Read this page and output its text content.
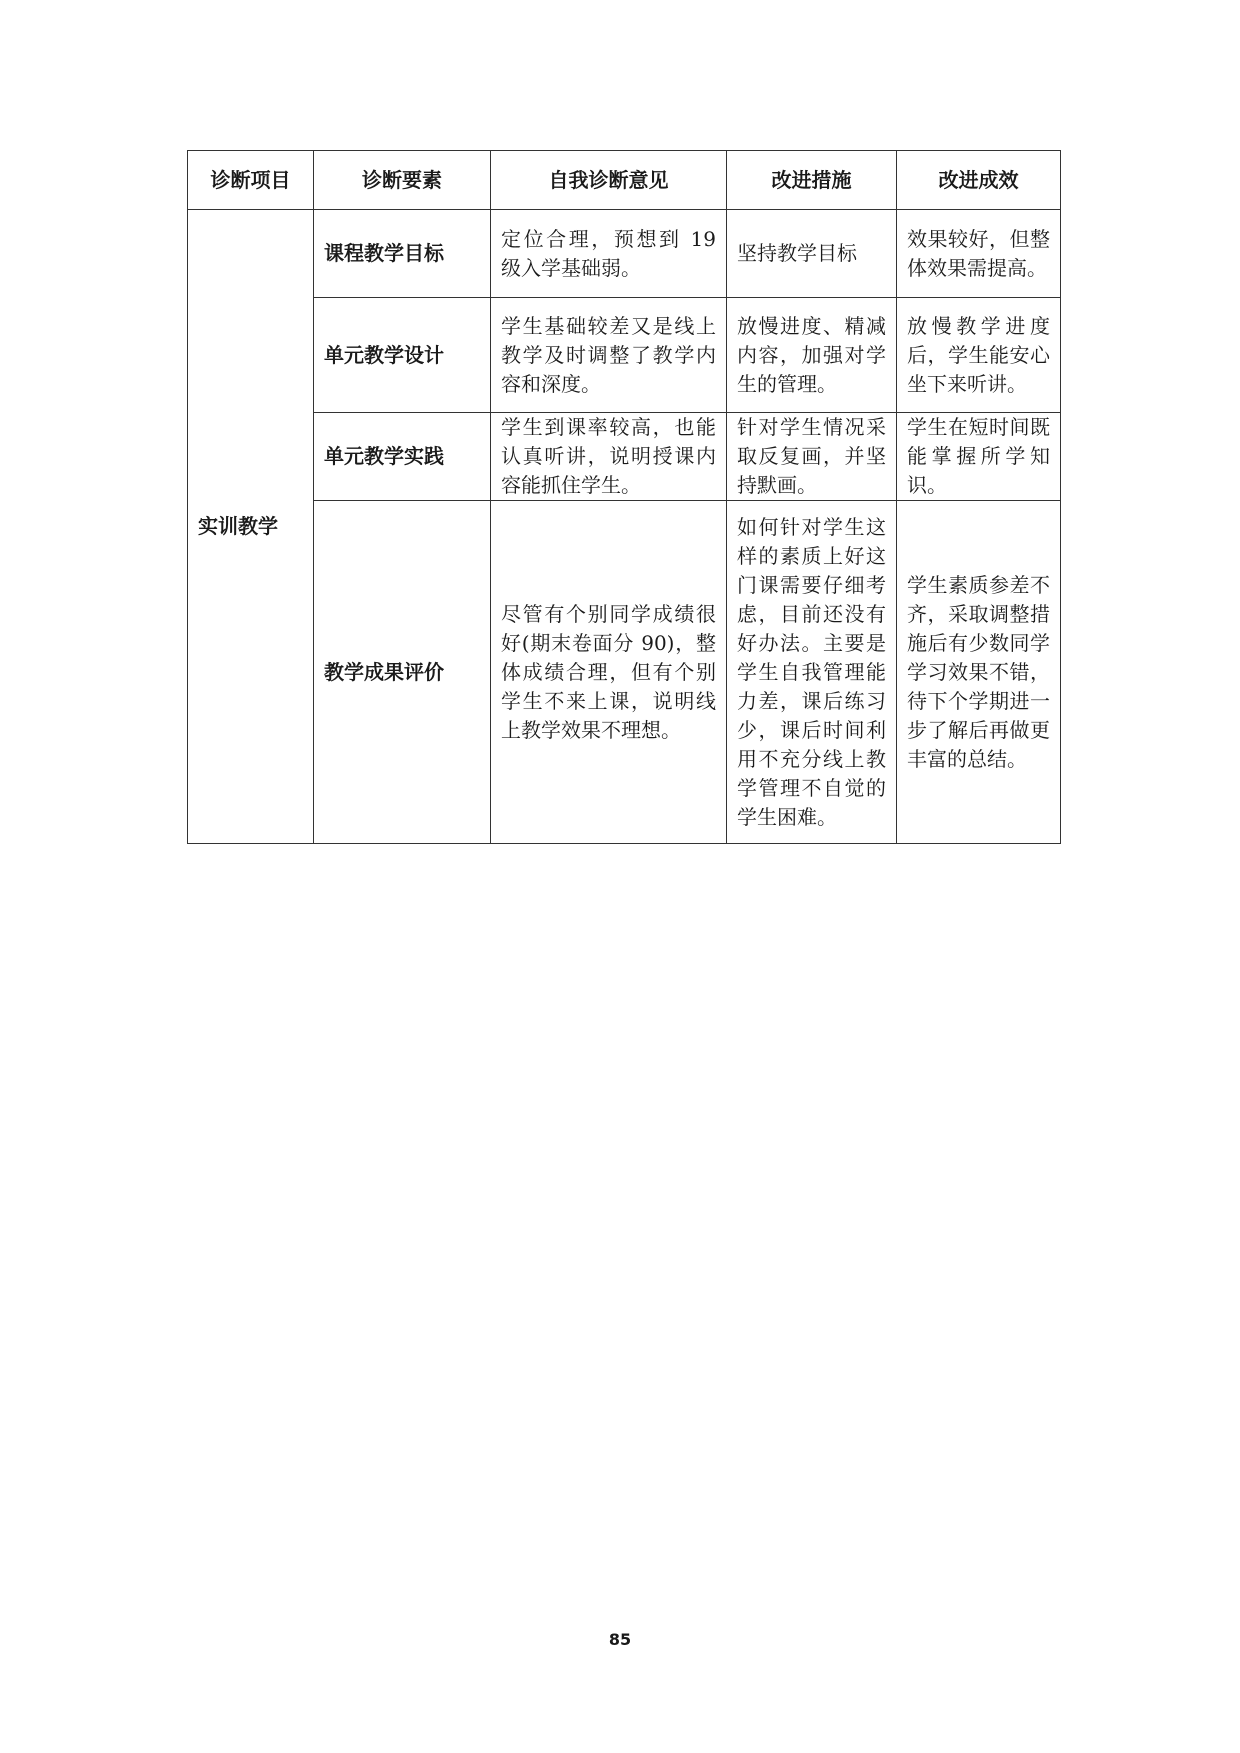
诊断项目	诊断要素	自我诊断意见	改进措施	改进成效
实训教学	课程教学目标	定位合理，预想到 19 级入学基础弱。	坚持教学目标	效果较好，但整体效果需提高。
	单元教学设计	学生基础较差又是线上教学及时调整了教学内容和深度。	放慢进度、精减内容，加强对学生的管理。	放慢教学进度后，学生能安心坐下来听讲。
	单元教学实践	学生到课率较高，也能认真听讲，说明授课内容能抓住学生。	针对学生情况采取反复画，并坚持默画。	学生在短时间既能掌握所学知识。
	教学成果评价	尽管有个别同学成绩很好(期末卷面分 90)，整体成绩合理，但有个别学生不来上课，说明线上教学效果不理想。	如何针对学生这样的素质上好这门课需要仔细考虑，目前还没有好办法。主要是学生自我管理能力差，课后练习少，课后时间利用不充分线上教学管理不自觉的学生困难。	学生素质参差不齐，采取调整措施后有少数同学学习效果不错，待下个学期进一步了解后再做更丰富的总结。
85
